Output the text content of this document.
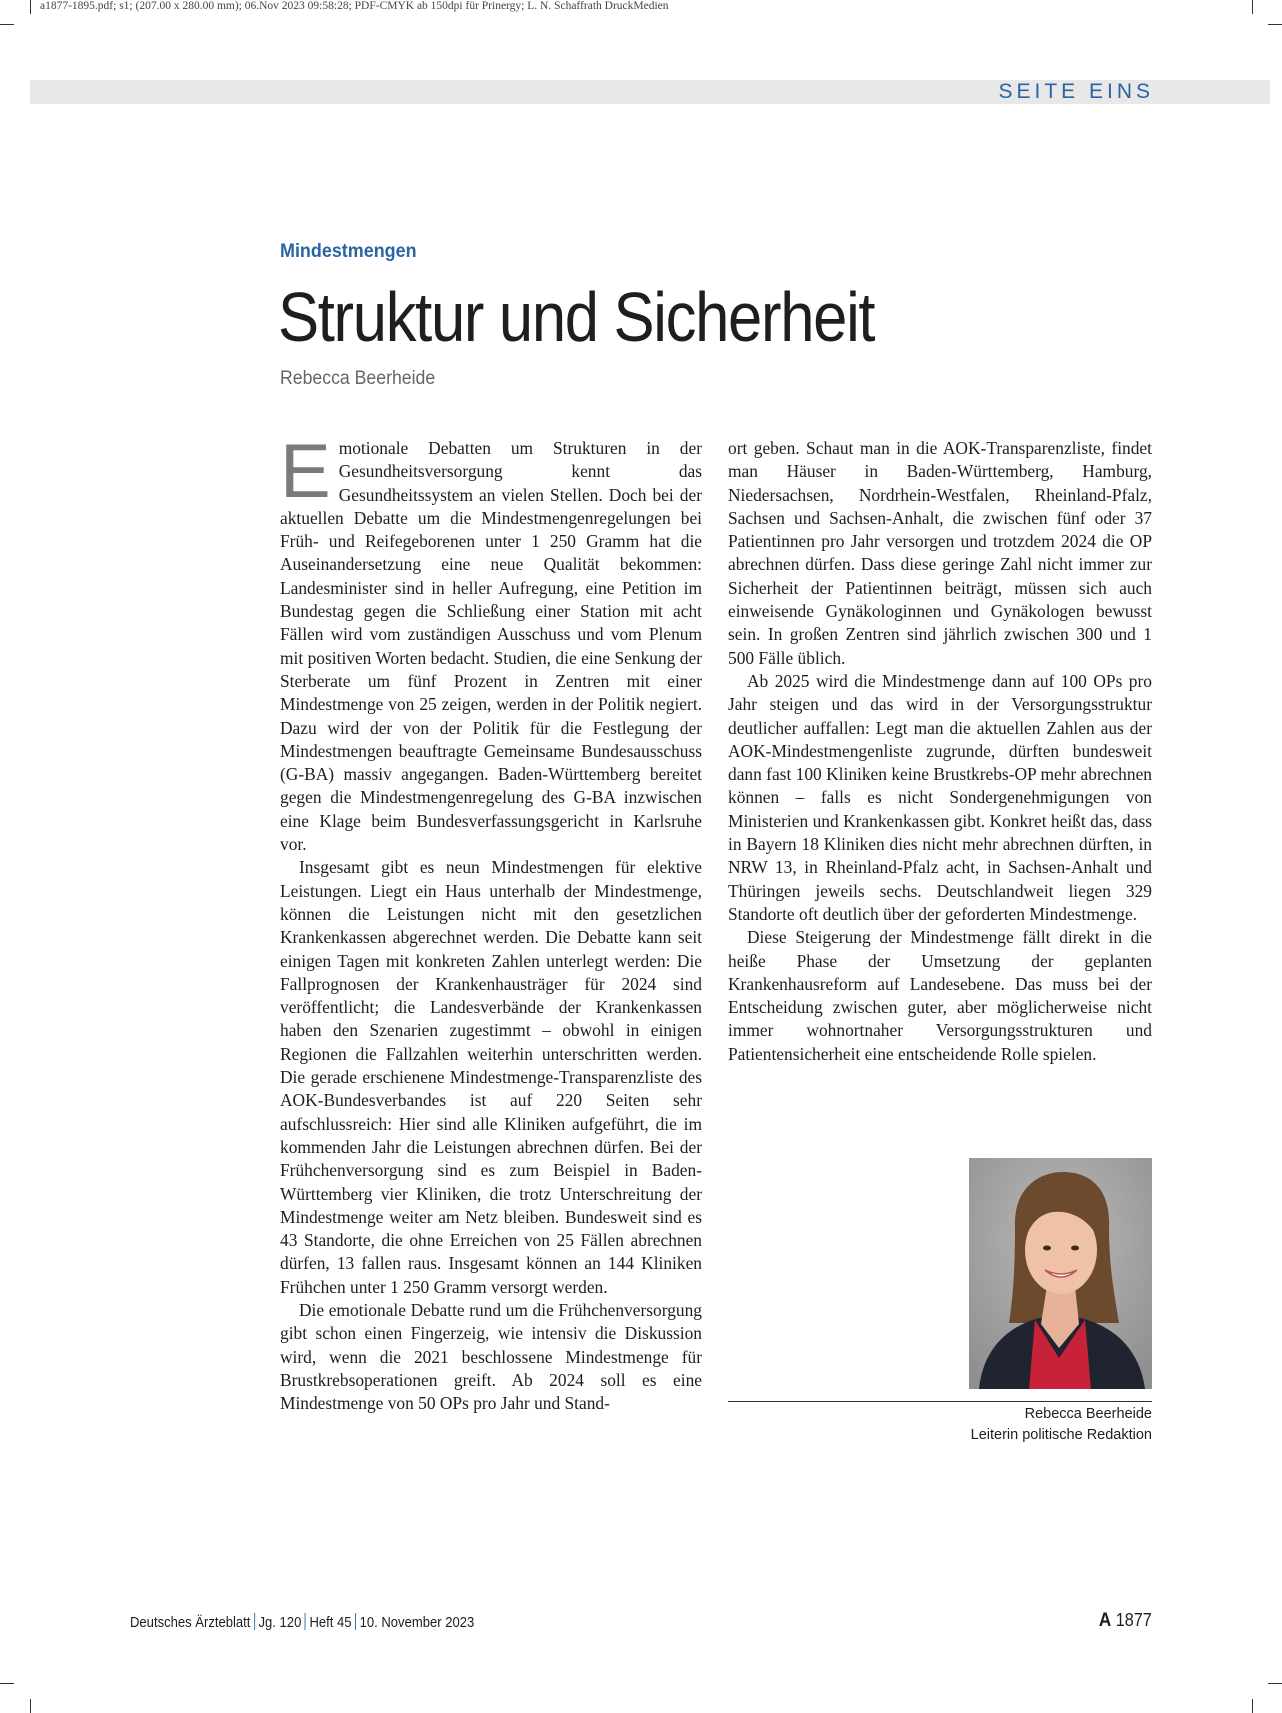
a1877-1895.pdf; s1; (207.00 x 280.00 mm); 06.Nov 2023 09:58:28; PDF-CMYK ab 150dpi für Prinergy; L. N. Schaffrath DruckMedien
SEITE EINS
Mindestmengen
Struktur und Sicherheit
Rebecca Beerheide

Emotionale Debatten um Strukturen in der Gesundheitsversorgung kennt das Gesundheitssystem an vielen Stellen. Doch bei der aktuellen Debatte um die Mindestmengenregelungen bei Früh- und Reifegeborenen unter 1 250 Gramm hat die Auseinandersetzung eine neue Qualität bekommen: Landesminister sind in heller Aufregung, eine Petition im Bundestag gegen die Schließung einer Station mit acht Fällen wird vom zuständigen Ausschuss und vom Plenum mit positiven Worten bedacht. Studien, die eine Senkung der Sterberate um fünf Prozent in Zentren mit einer Mindestmenge von 25 zeigen, werden in der Politik negiert. Dazu wird der von der Politik für die Festlegung der Mindestmengen beauftragte Gemeinsame Bundesausschuss (G-BA) massiv angegangen. Baden-Württemberg bereitet gegen die Mindestmengenregelung des G-BA inzwischen eine Klage beim Bundesverfassungsgericht in Karlsruhe vor.

Insgesamt gibt es neun Mindestmengen für elektive Leistungen. Liegt ein Haus unterhalb der Mindestmenge, können die Leistungen nicht mit den gesetzlichen Krankenkassen abgerechnet werden. Die Debatte kann seit einigen Tagen mit konkreten Zahlen unterlegt werden: Die Fallprognosen der Krankenhausträger für 2024 sind veröffentlicht; die Landesverbände der Krankenkassen haben den Szenarien zugestimmt – obwohl in einigen Regionen die Fallzahlen weiterhin unterschritten werden. Die gerade erschienene Mindestmenge-Transparenzliste des AOK-Bundesverbandes ist auf 220 Seiten sehr aufschlussreich: Hier sind alle Kliniken aufgeführt, die im kommenden Jahr die Leistungen abrechnen dürfen. Bei der Frühchenversorgung sind es zum Beispiel in Baden-Württemberg vier Kliniken, die trotz Unterschreitung der Mindestmenge weiter am Netz bleiben. Bundesweit sind es 43 Standorte, die ohne Erreichen von 25 Fällen abrechnen dürfen, 13 fallen raus. Insgesamt können an 144 Kliniken Frühchen unter 1 250 Gramm versorgt werden.

Die emotionale Debatte rund um die Frühchenversorgung gibt schon einen Fingerzeig, wie intensiv die Diskussion wird, wenn die 2021 beschlossene Mindestmenge für Brustkrebsoperationen greift. Ab 2024 soll es eine Mindestmenge von 50 OPs pro Jahr und Stand-

ort geben. Schaut man in die AOK-Transparenzliste, findet man Häuser in Baden-Württemberg, Hamburg, Niedersachsen, Nordrhein-Westfalen, Rheinland-Pfalz, Sachsen und Sachsen-Anhalt, die zwischen fünf oder 37 Patientinnen pro Jahr versorgen und trotzdem 2024 die OP abrechnen dürfen. Dass diese geringe Zahl nicht immer zur Sicherheit der Patientinnen beiträgt, müssen sich auch einweisende Gynäkologinnen und Gynäkologen bewusst sein. In großen Zentren sind jährlich zwischen 300 und 1 500 Fälle üblich.

Ab 2025 wird die Mindestmenge dann auf 100 OPs pro Jahr steigen und das wird in der Versorgungsstruktur deutlicher auffallen: Legt man die aktuellen Zahlen aus der AOK-Mindestmengenliste zugrunde, dürften bundesweit dann fast 100 Kliniken keine Brustkrebs-OP mehr abrechnen können – falls es nicht Sondergenehmigungen von Ministerien und Krankenkassen gibt. Konkret heißt das, dass in Bayern 18 Kliniken dies nicht mehr abrechnen dürften, in NRW 13, in Rheinland-Pfalz acht, in Sachsen-Anhalt und Thüringen jeweils sechs. Deutschlandweit liegen 329 Standorte oft deutlich über der geforderten Mindestmenge.

Diese Steigerung der Mindestmenge fällt direkt in die heiße Phase der Umsetzung der geplanten Krankenhausreform auf Landesebene. Das muss bei der Entscheidung zwischen guter, aber möglicherweise nicht immer wohnortnaher Versorgungsstrukturen und Patientensicherheit eine entscheidende Rolle spielen.

Rebecca Beerheide
Leiterin politische Redaktion
Deutsches Ärzteblatt Jg. 120 Heft 45 10. November 2023	A 1877
